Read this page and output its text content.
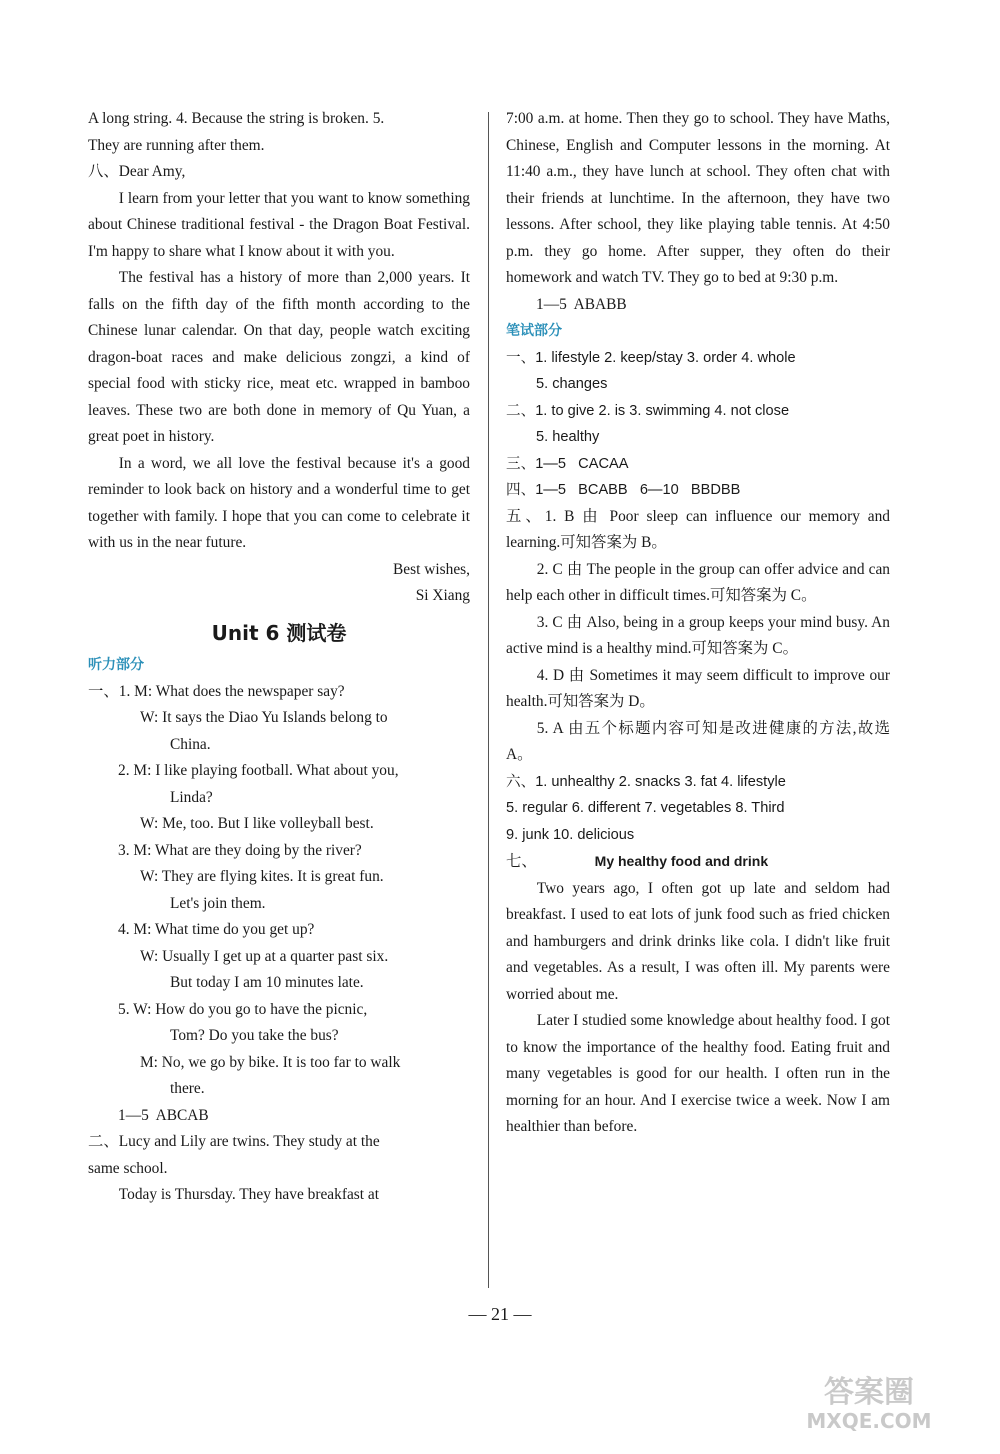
A long string. 4. Because the string is broken. 5.

They are running after them.

八、Dear Amy,

I learn from your letter that you want to know something about Chinese traditional festival - the Dragon Boat Festival. I'm happy to share what I know about it with you.

The festival has a history of more than 2,000 years. It falls on the fifth day of the fifth month according to the Chinese lunar calendar. On that day, people watch exciting dragon-boat races and make delicious zongzi, a kind of special food with sticky rice, meat etc. wrapped in bamboo leaves. These two are both done in memory of Qu Yuan, a great poet in history.

In a word, we all love the festival because it's a good reminder to look back on history and a wonderful time to get together with family. I hope that you can come to celebrate it with us in the near future.

Best wishes,

Si Xiang

Unit 6 测试卷

听力部分

一、1. M: What does the newspaper say?

W: It says the Diao Yu Islands belong to

China.

2. M: I like playing football. What about you,

Linda?

W: Me, too. But I like volleyball best.

3. M: What are they doing by the river?

W: They are flying kites. It is great fun.

Let's join them.

4. M: What time do you get up?

W: Usually I get up at a quarter past six.

But today I am 10 minutes late.

5. W: How do you go to have the picnic,

Tom? Do you take the bus?

M: No, we go by bike. It is too far to walk

there.

1—5  ABCAB

二、Lucy and Lily are twins. They study at the

same school.

Today is Thursday. They have breakfast at

7:00 a.m. at home. Then they go to school. They have Maths, Chinese, English and Computer lessons in the morning. At 11:40 a.m., they have lunch at school. They often chat with their friends at lunchtime. In the afternoon, they have two lessons. After school, they like playing table tennis. At 4:50 p.m. they go home. After supper, they often do their homework and watch TV. They go to bed at 9:30 p.m.

1—5  ABABB

笔试部分

一、1. lifestyle 2. keep/stay 3. order 4. whole

5. changes

二、1. to give 2. is 3. swimming 4. not close

5. healthy

三、1—5   CACAA

四、1—5   BCABB   6—10   BBDBB

五、1. B 由 Poor sleep can influence our memory and learning.可知答案为 B。

2. C 由 The people in the group can offer advice and can help each other in difficult times.可知答案为 C。

3. C 由 Also, being in a group keeps your mind busy. An active mind is a healthy mind.可知答案为 C。

4. D 由 Sometimes it may seem difficult to improve our health.可知答案为 D。

5. A 由五个标题内容可知是改进健康的方法,故选 A。

六、1. unhealthy 2. snacks 3. fat 4. lifestyle

5. regular 6. different 7. vegetables 8. Third

9. junk 10. delicious

七、	My healthy food and drink

Two years ago, I often got up late and seldom had breakfast. I used to eat lots of junk food such as fried chicken and hamburgers and drink drinks like cola. I didn't like fruit and vegetables. As a result, I was often ill. My parents were worried about me.

Later I studied some knowledge about healthy food. I got to know the importance of the healthy food. Eating fruit and many vegetables is good for our health. I often run in the morning for an hour. And I exercise twice a week. Now I am healthier than before.

— 21 —
答案圈
MXQE.COM
